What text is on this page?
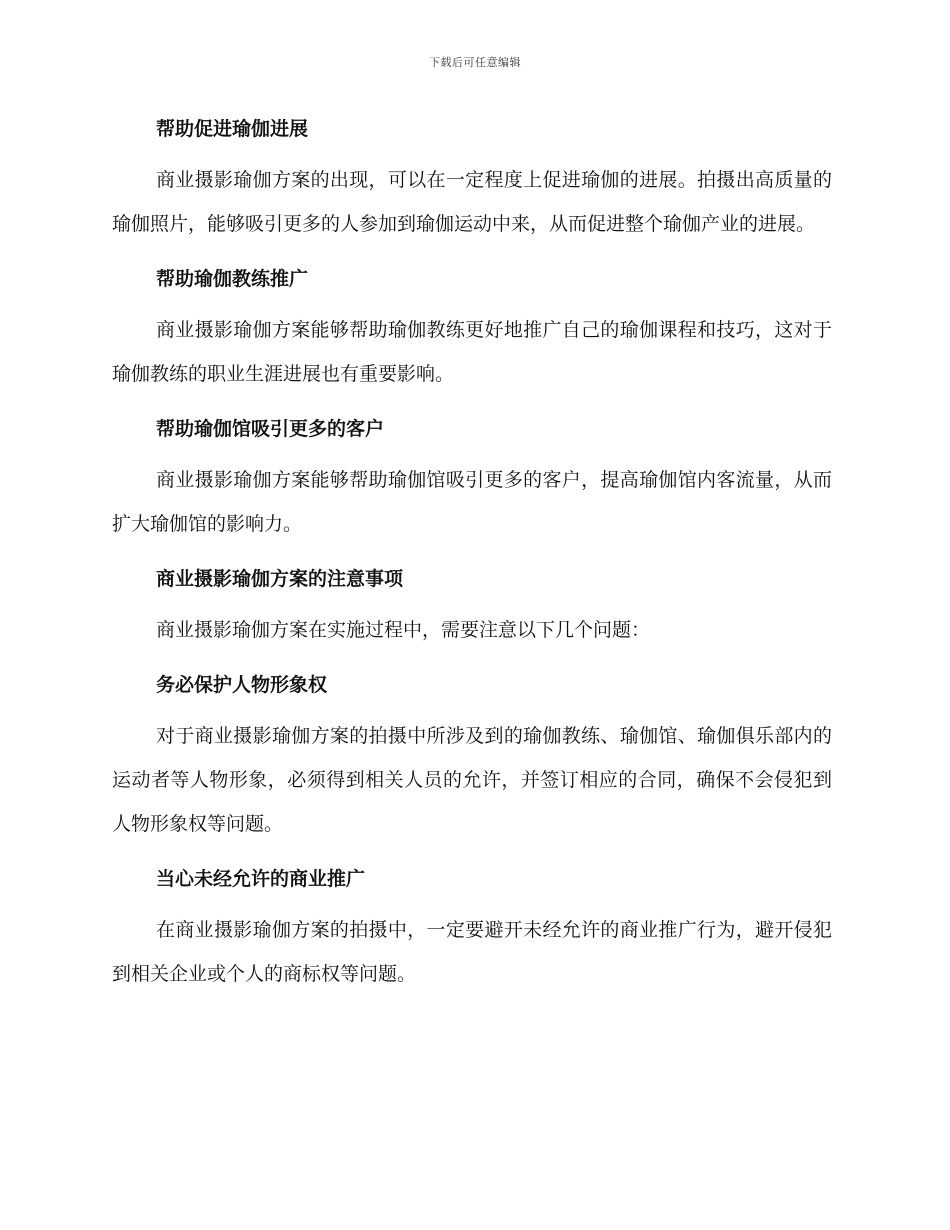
下载后可任意编辑
帮助促进瑜伽进展

商业摄影瑜伽方案的出现，可以在一定程度上促进瑜伽的进展。拍摄出高质量的瑜伽照片，能够吸引更多的人参加到瑜伽运动中来，从而促进整个瑜伽产业的进展。

帮助瑜伽教练推广

商业摄影瑜伽方案能够帮助瑜伽教练更好地推广自己的瑜伽课程和技巧，这对于瑜伽教练的职业生涯进展也有重要影响。

帮助瑜伽馆吸引更多的客户

商业摄影瑜伽方案能够帮助瑜伽馆吸引更多的客户，提高瑜伽馆内客流量，从而扩大瑜伽馆的影响力。

商业摄影瑜伽方案的注意事项

商业摄影瑜伽方案在实施过程中，需要注意以下几个问题：

务必保护人物形象权

对于商业摄影瑜伽方案的拍摄中所涉及到的瑜伽教练、瑜伽馆、瑜伽俱乐部内的运动者等人物形象，必须得到相关人员的允许，并签订相应的合同，确保不会侵犯到人物形象权等问题。

当心未经允许的商业推广

在商业摄影瑜伽方案的拍摄中，一定要避开未经允许的商业推广行为，避开侵犯到相关企业或个人的商标权等问题。
